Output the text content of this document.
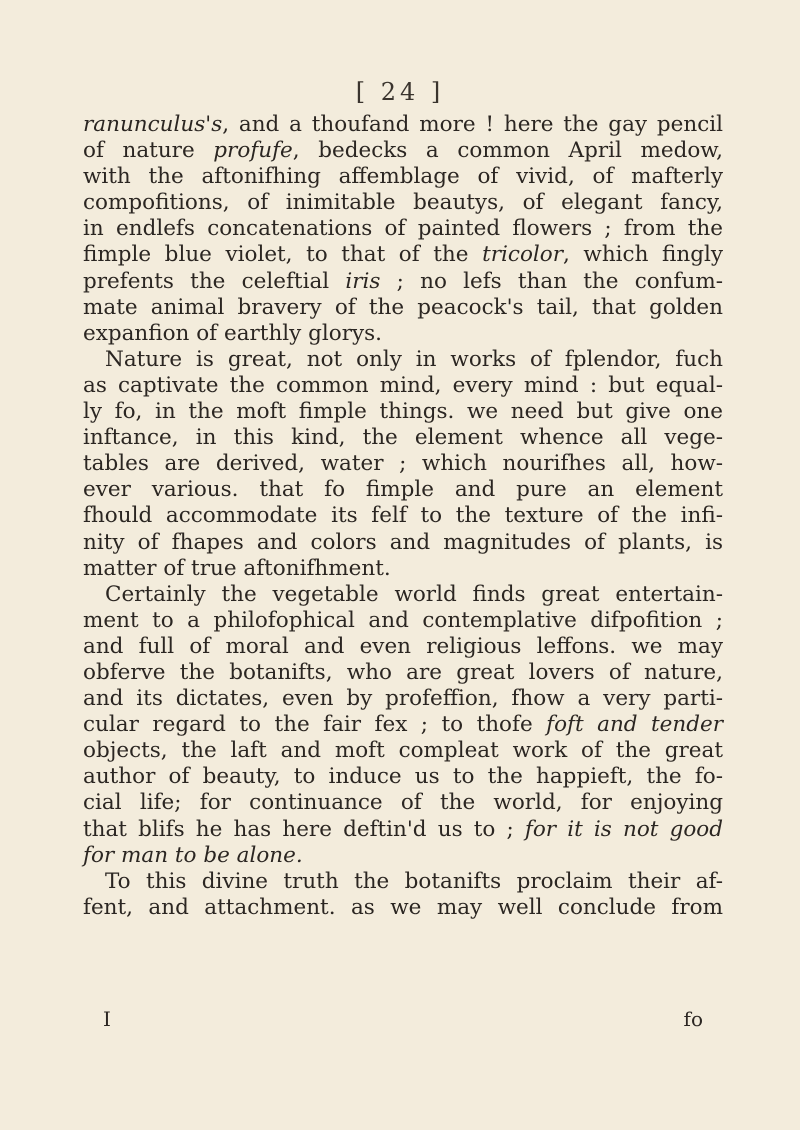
[ 24 ]
ranunculus's, and a thoufand more ! here the gay pencil
of nature profufe, bedecks a common April medow,
with the aftonifhing affemblage of vivid, of mafterly
compofitions, of inimitable beautys, of elegant fancy,
in endlefs concatenations of painted flowers ; from the
fimple blue violet, to that of the tricolor, which fingly
prefents the celeftial iris ; no lefs than the confum-
mate animal bravery of the peacock's tail, that golden
expanfion of earthly glorys.
Nature is great, not only in works of fplendor, fuch
as captivate the common mind, every mind : but equal-
ly fo, in the moft fimple things. we need but give one
inftance, in this kind, the element whence all vege-
tables are derived, water ; which nourifhes all, how-
ever various. that fo fimple and pure an element
fhould accommodate its felf to the texture of the infi-
nity of fhapes and colors and magnitudes of plants, is
matter of true aftonifhment.
Certainly the vegetable world finds great entertain-
ment to a philofophical and contemplative difpofition ;
and full of moral and even religious leffons. we may
obferve the botanifts, who are great lovers of nature,
and its dictates, even by profeffion, fhow a very parti-
cular regard to the fair fex ; to thofe foft and tender
objects, the laft and moft compleat work of the great
author of beauty, to induce us to the happieft, the fo-
cial life; for continuance of the world, for enjoying
that blifs he has here deftin'd us to ; for it is not good
for man to be alone.
To this divine truth the botanifts proclaim their af-
fent, and attachment. as we may well conclude from
I	fo
